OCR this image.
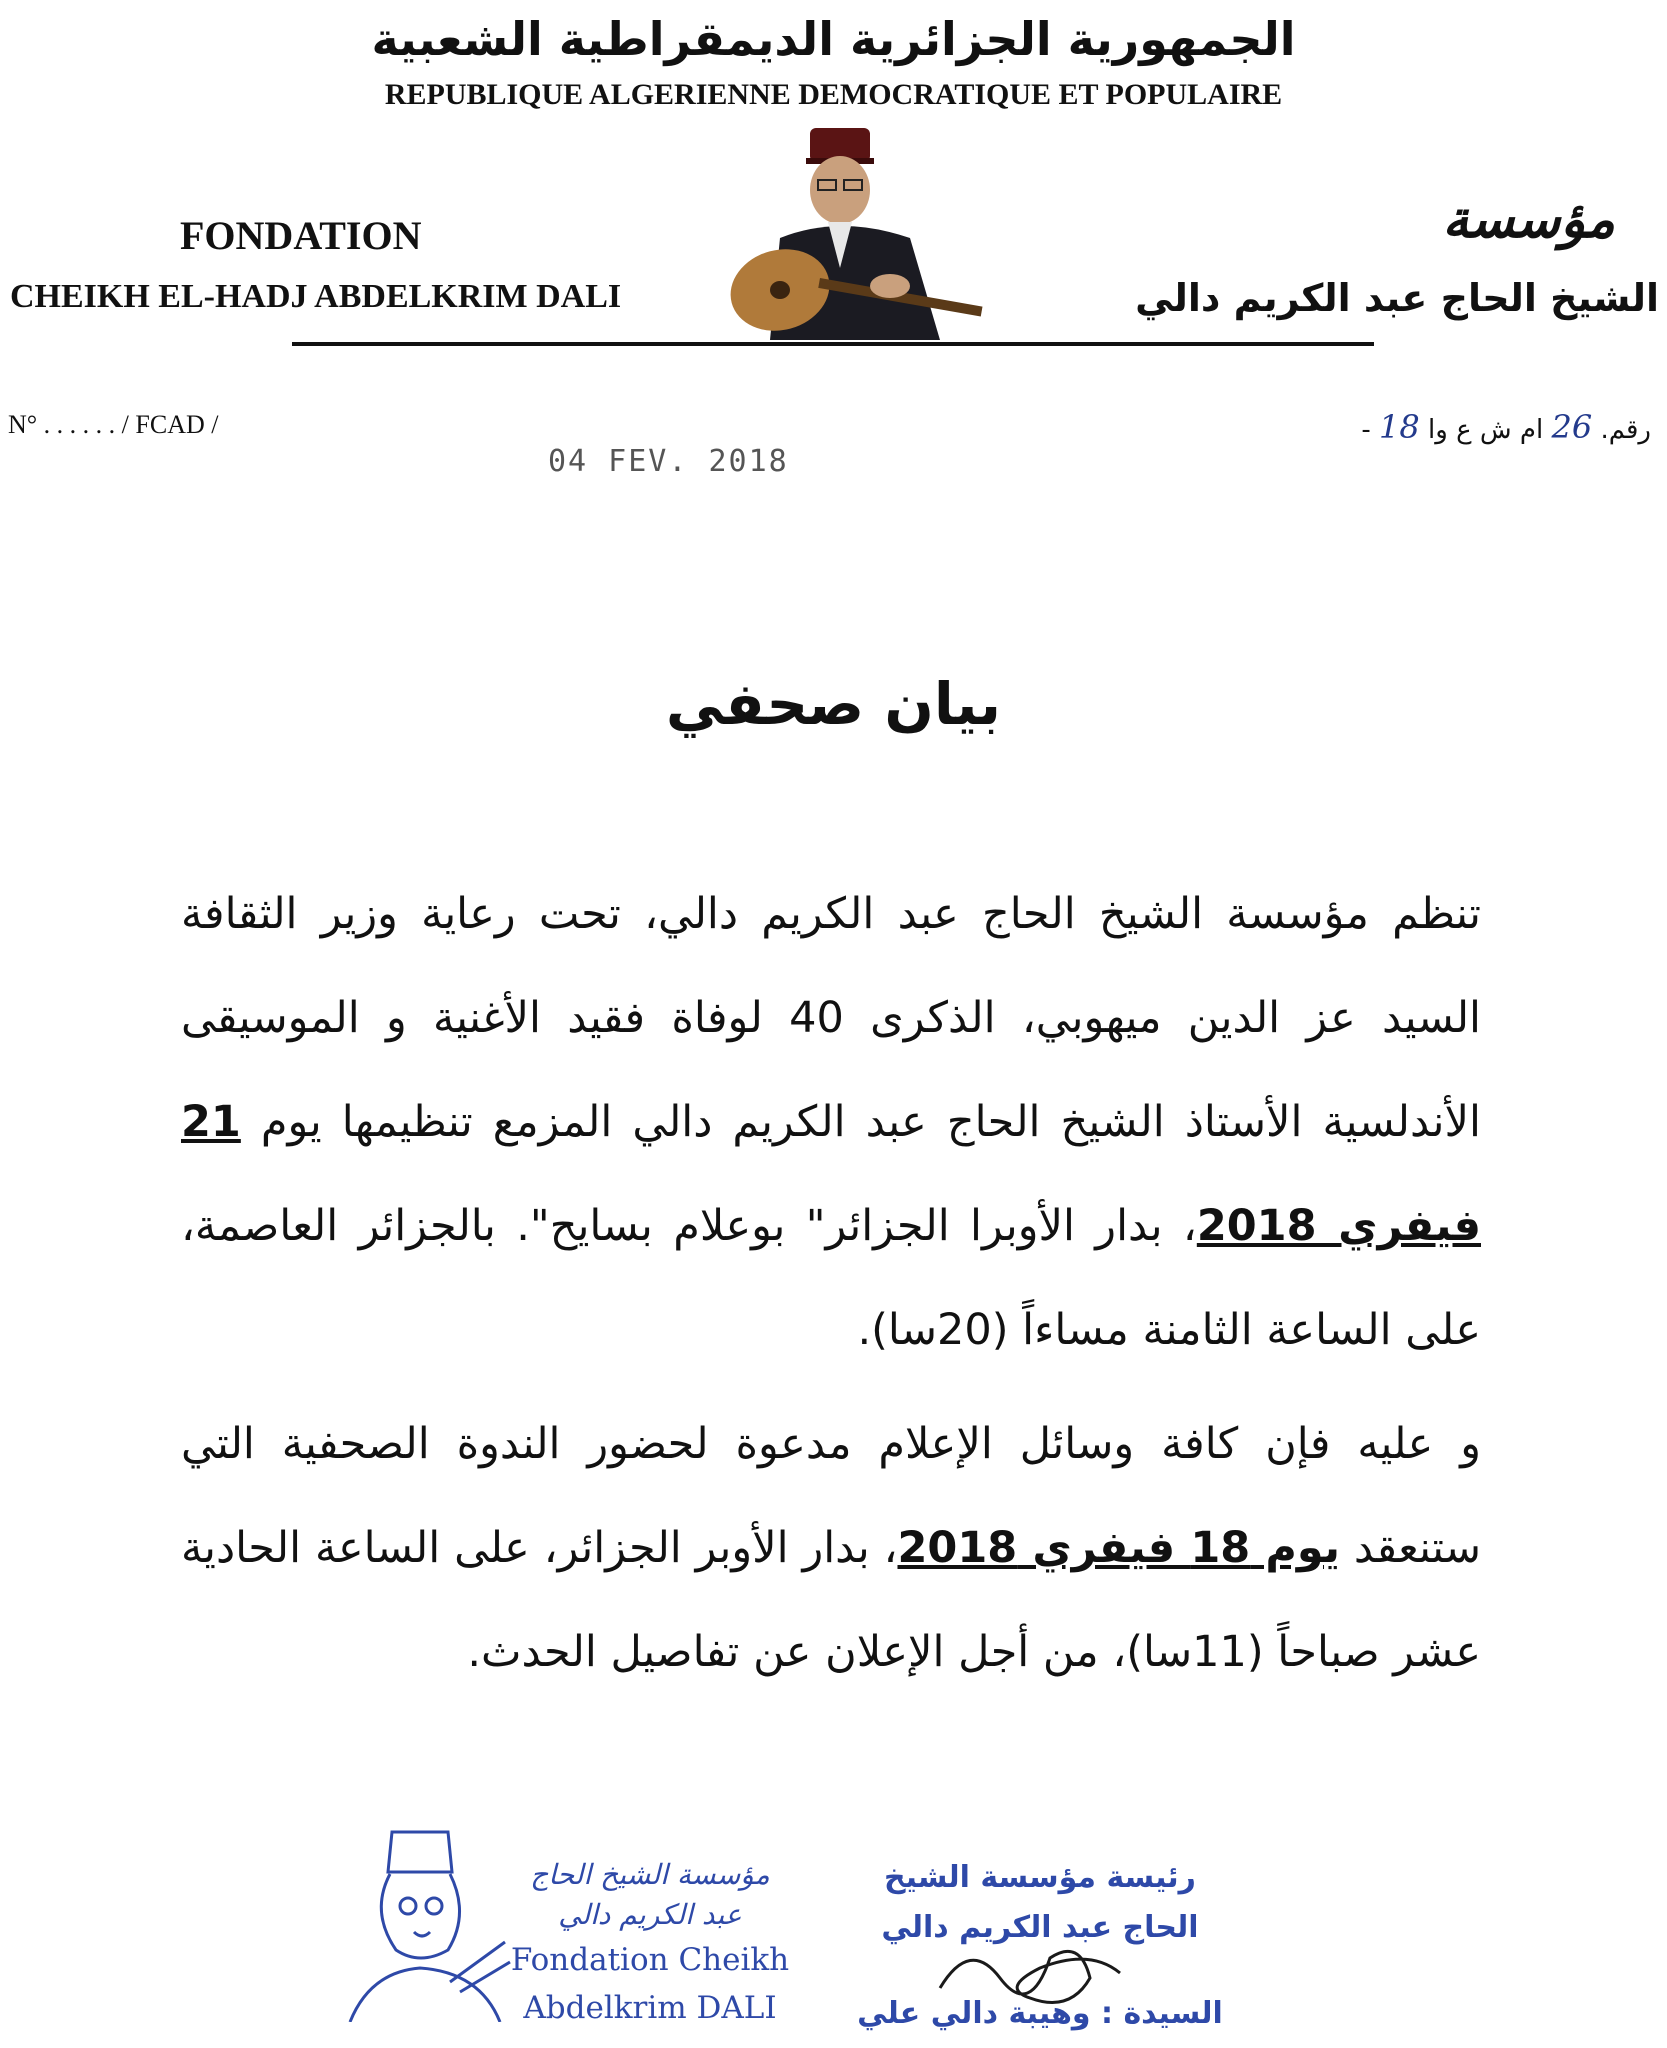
الجمهورية الجزائرية الديمقراطية الشعبية
REPUBLIQUE ALGERIENNE DEMOCRATIQUE ET POPULAIRE
FONDATION
CHEIKH EL-HADJ ABDELKRIM DALI
مؤسسة
الشيخ الحاج عبد الكريم دالي
N° . . . . . . / FCAD /	رقم. 26 ام ش ع وا 18 -
04 FEV. 2018
بيان صحفي
تنظم مؤسسة الشيخ الحاج عبد الكريم دالي، تحت رعاية وزير الثقافة السيد عز الدين ميهوبي، الذكرى 40 لوفاة فقيد الأغنية و الموسيقى الأندلسية الأستاذ الشيخ الحاج عبد الكريم دالي المزمع تنظيمها يوم 21 فيفري 2018، بدار الأوبرا الجزائر" بوعلام بسايح". بالجزائر العاصمة، على الساعة الثامنة مساءاً (20سا).
و عليه فإن كافة وسائل الإعلام مدعوة لحضور الندوة الصحفية التي ستنعقد يوم 18 فيفري 2018، بدار الأوبر الجزائر، على الساعة الحادية عشر صباحاً (11سا)، من أجل الإعلان عن تفاصيل الحدث.
مؤسسة الشيخ الحاج
عبد الكريم دالي
Fondation Cheikh
Abdelkrim DALI
رئيسة مؤسسة الشيخ
الحاج عبد الكريم دالي
السيدة : وهيبة دالي علي
